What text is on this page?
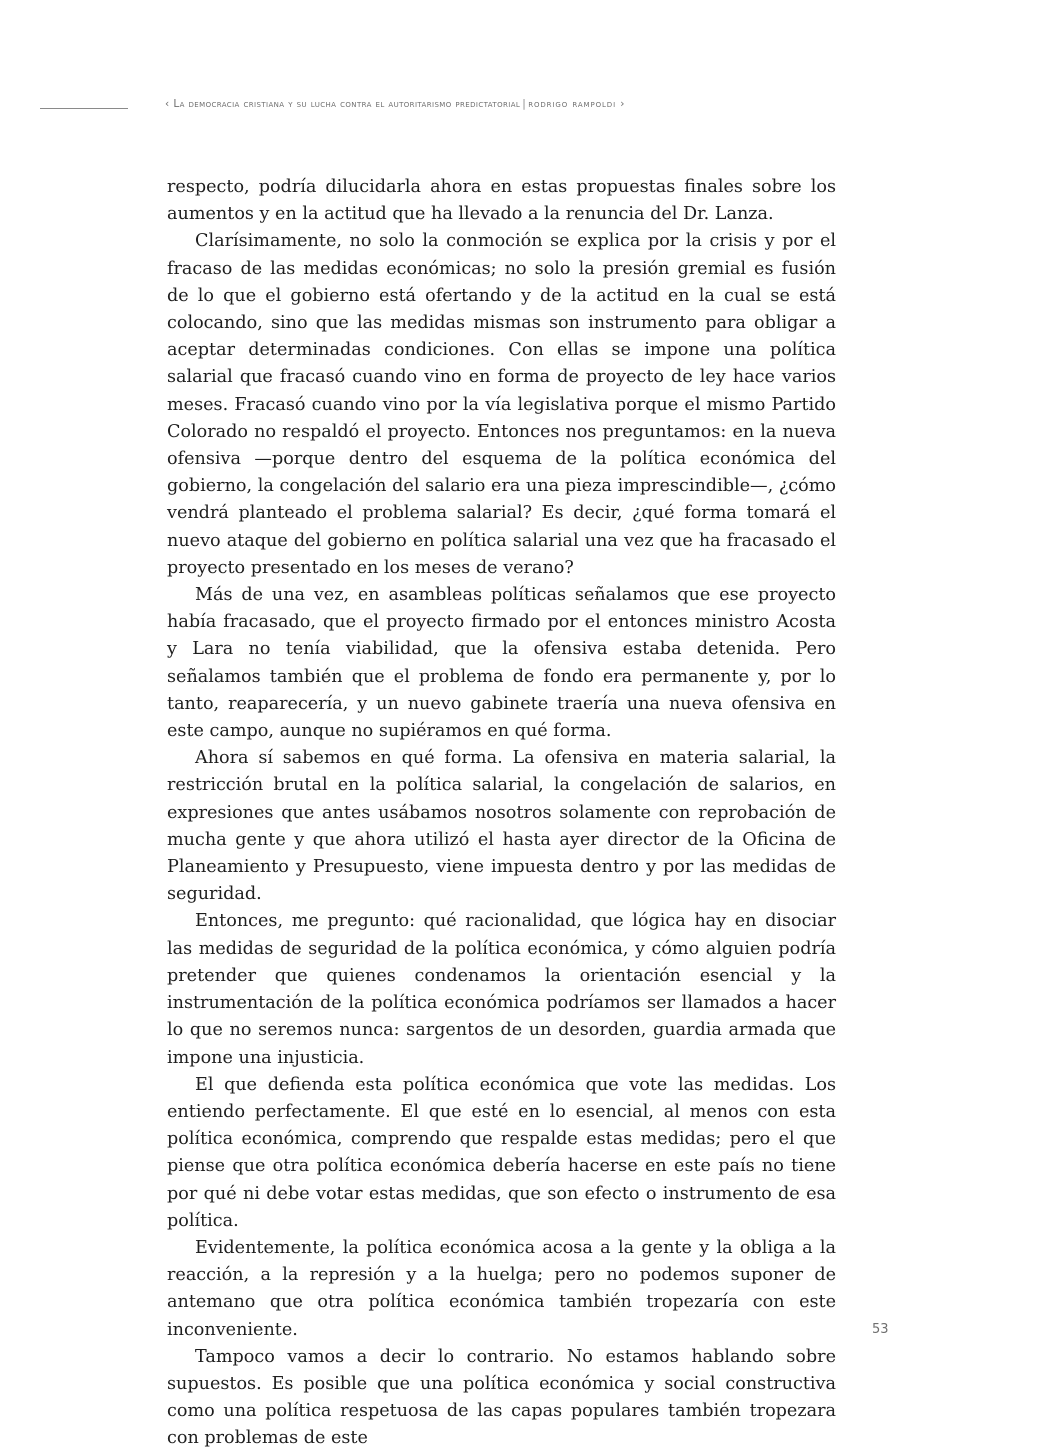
‹ La democracia cristiana y su lucha contra el autoritarismo predictatorial | rodrigo rampoldi ›

respecto, podría dilucidarla ahora en estas propuestas finales sobre los aumentos y en la actitud que ha llevado a la renuncia del Dr. Lanza.

Clarísimamente, no solo la conmoción se explica por la crisis y por el fracaso de las medidas económicas; no solo la presión gremial es fusión de lo que el gobierno está ofertando y de la actitud en la cual se está colocando, sino que las medidas mismas son instrumento para obligar a aceptar determinadas condiciones. Con ellas se impone una política salarial que fracasó cuando vino en forma de proyecto de ley hace varios meses. Fracasó cuando vino por la vía legislativa porque el mismo Partido Colorado no respaldó el proyecto. Entonces nos preguntamos: en la nueva ofensiva —porque dentro del esquema de la política económica del gobierno, la congelación del salario era una pieza imprescindible—, ¿cómo vendrá planteado el problema salarial? Es decir, ¿qué forma tomará el nuevo ataque del gobierno en política salarial una vez que ha fracasado el proyecto presentado en los meses de verano?

Más de una vez, en asambleas políticas señalamos que ese proyecto había fracasado, que el proyecto firmado por el entonces ministro Acosta y Lara no tenía viabilidad, que la ofensiva estaba detenida. Pero señalamos también que el problema de fondo era permanente y, por lo tanto, reaparecería, y un nuevo gabinete traería una nueva ofensiva en este campo, aunque no supiéramos en qué forma.

Ahora sí sabemos en qué forma. La ofensiva en materia salarial, la restricción brutal en la política salarial, la congelación de salarios, en expresiones que antes usábamos nosotros solamente con reprobación de mucha gente y que ahora utilizó el hasta ayer director de la Oficina de Planeamiento y Presupuesto, viene impuesta dentro y por las medidas de seguridad.

Entonces, me pregunto: qué racionalidad, que lógica hay en disociar las medidas de seguridad de la política económica, y cómo alguien podría pretender que quienes condenamos la orientación esencial y la instrumentación de la política económica podríamos ser llamados a hacer lo que no seremos nunca: sargentos de un desorden, guardia armada que impone una injusticia.

El que defienda esta política económica que vote las medidas. Los entiendo perfectamente. El que esté en lo esencial, al menos con esta política económica, comprendo que respalde estas medidas; pero el que piense que otra política económica debería hacerse en este país no tiene por qué ni debe votar estas medidas, que son efecto o instrumento de esa política.

Evidentemente, la política económica acosa a la gente y la obliga a la reacción, a la represión y a la huelga; pero no podemos suponer de antemano que otra política económica también tropezaría con este inconveniente.

Tampoco vamos a decir lo contrario. No estamos hablando sobre supuestos. Es posible que una política económica y social constructiva como una política respetuosa de las capas populares también tropezara con problemas de este

53
